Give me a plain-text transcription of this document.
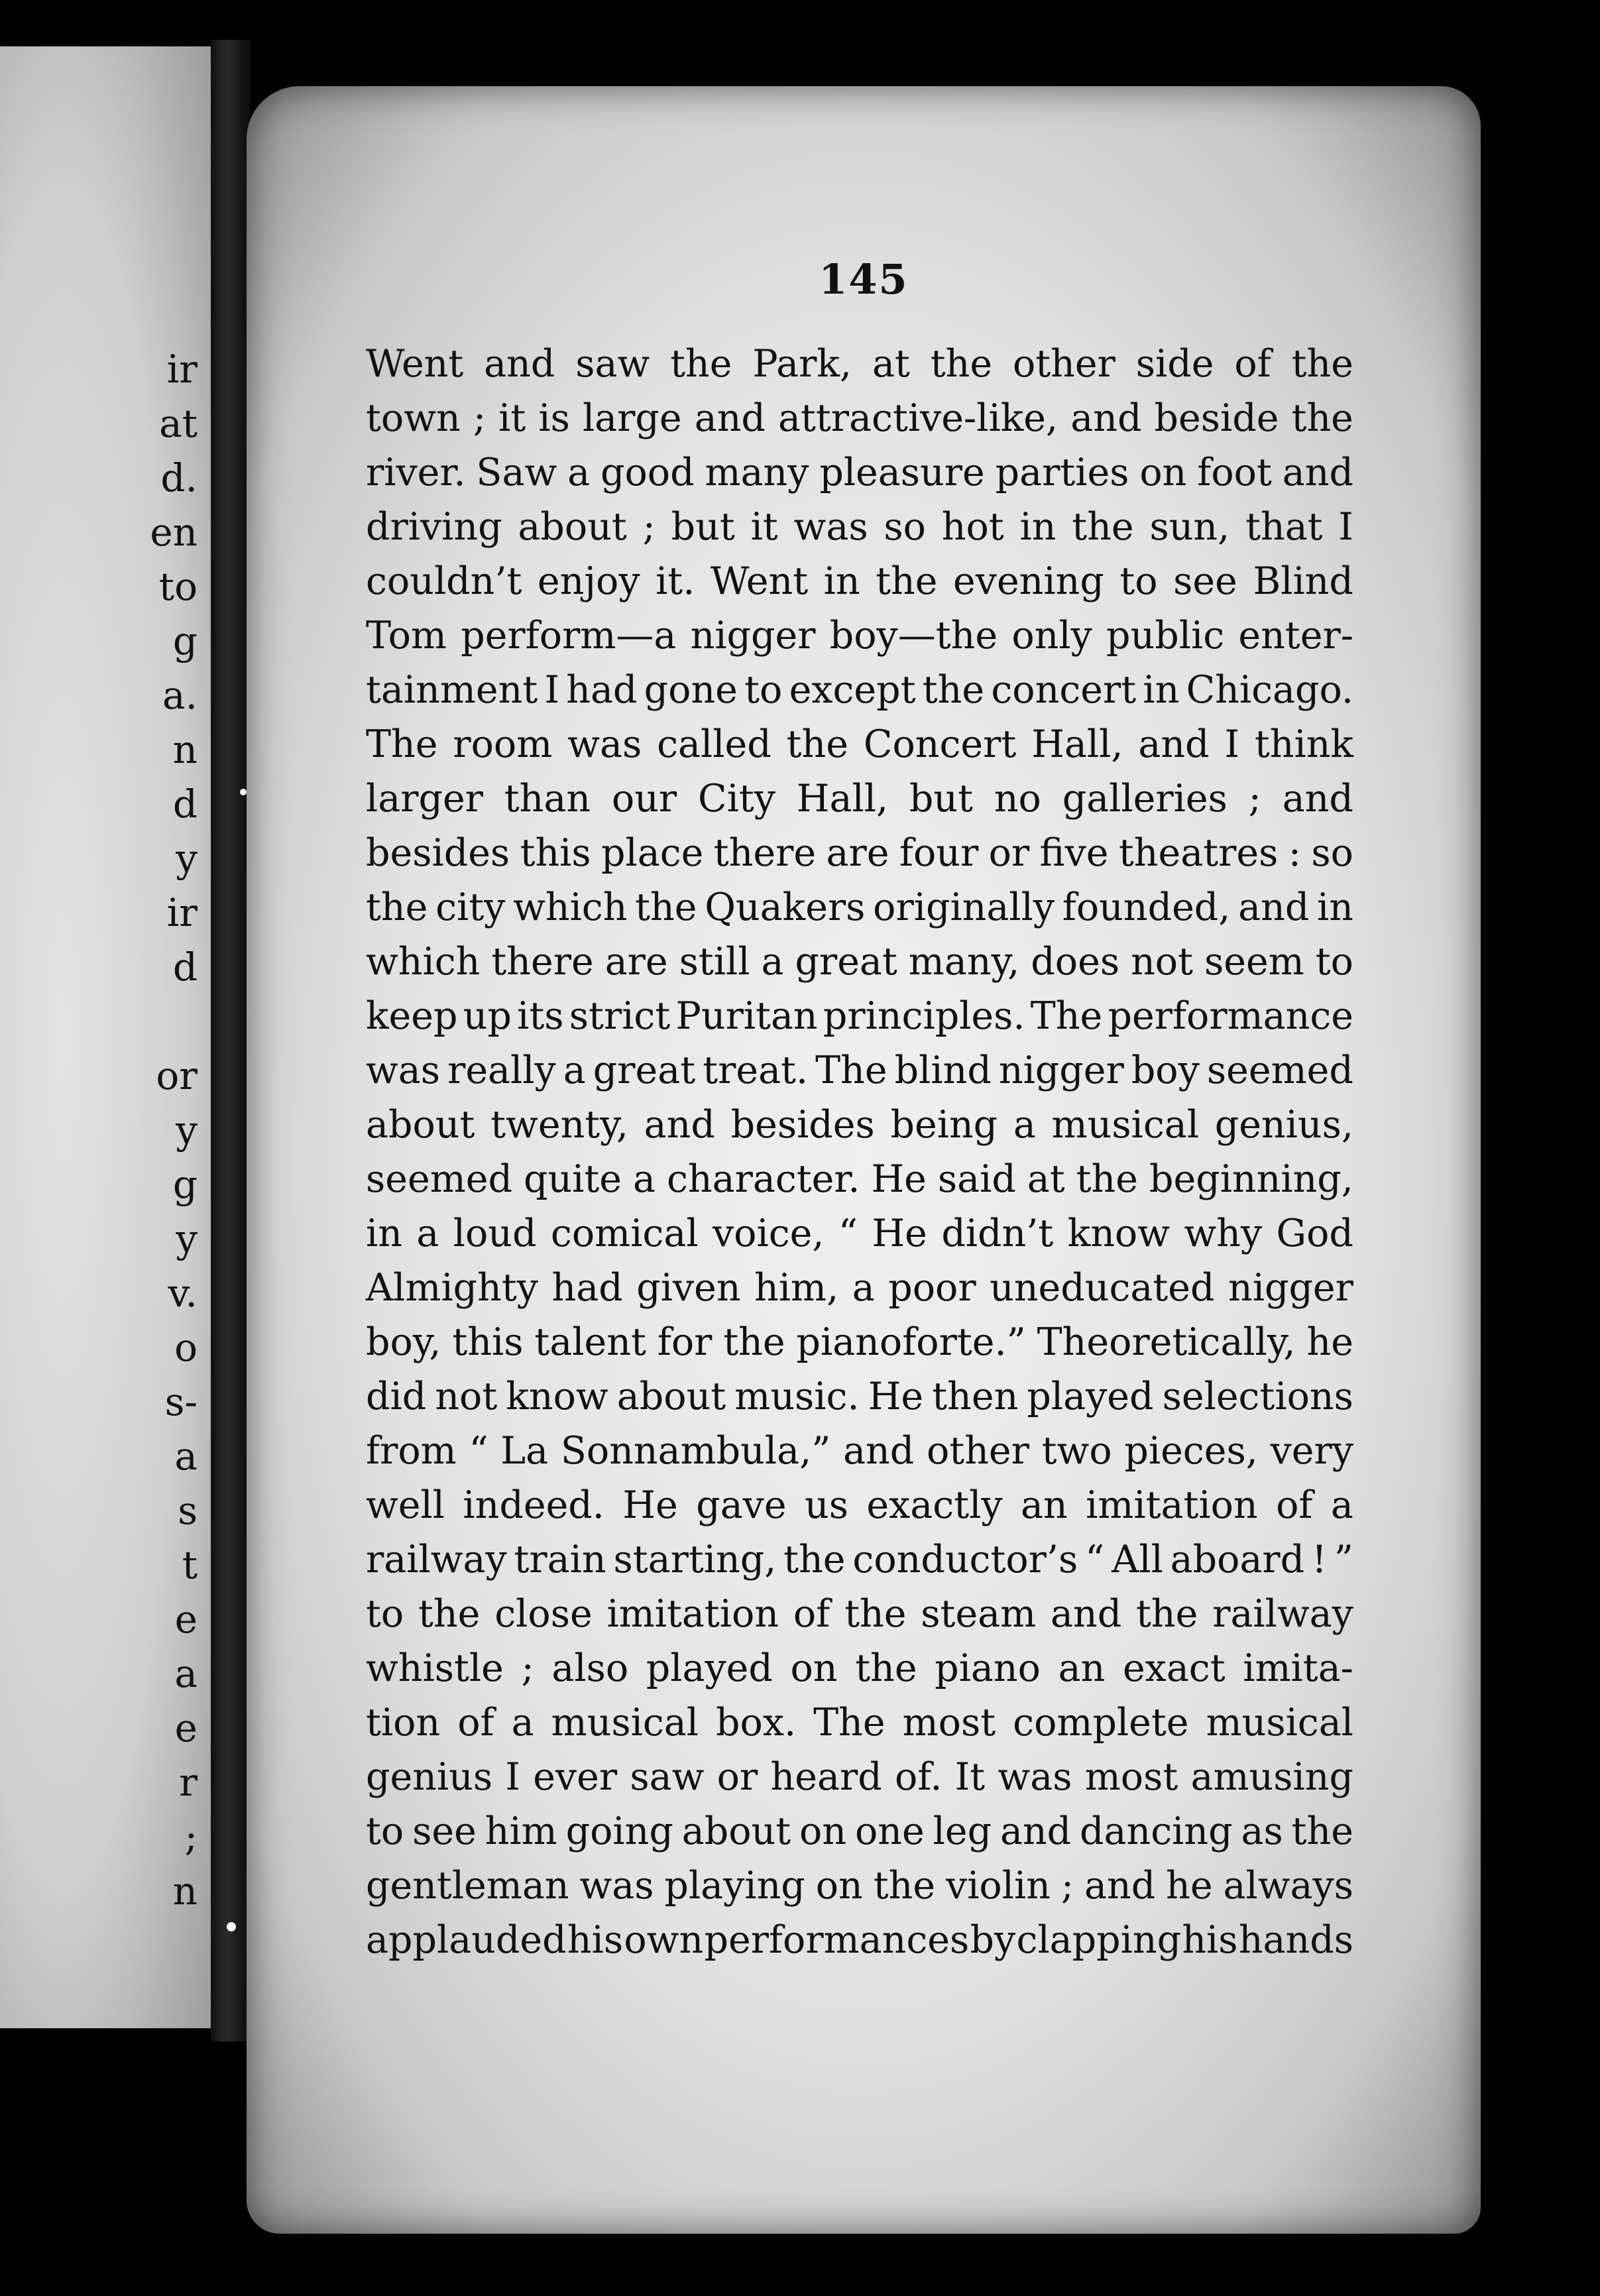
ir
at
d.
en
to
g
a.
n
d
y
ir
d
or
y
g
y
v.
o
s-
a
s
t
e
a
e
r
;
n
145
Went and saw the Park, at the other side of the
town ; it is large and attractive-like, and beside the
river. Saw a good many pleasure parties on foot and
driving about ; but it was so hot in the sun, that I
couldn’t enjoy it. Went in the evening to see Blind
Tom perform—a nigger boy—the only public enter-
tainment I had gone to except the concert in Chicago.
The room was called the Concert Hall, and I think
larger than our City Hall, but no galleries ; and
besides this place there are four or five theatres : so
the city which the Quakers originally founded, and in
which there are still a great many, does not seem to
keep up its strict Puritan principles. The performance
was really a great treat. The blind nigger boy seemed
about twenty, and besides being a musical genius,
seemed quite a character. He said at the beginning,
in a loud comical voice, “ He didn’t know why God
Almighty had given him, a poor uneducated nigger
boy, this talent for the pianoforte.” Theoretically, he
did not know about music. He then played selections
from “ La Sonnambula,” and other two pieces, very
well indeed. He gave us exactly an imitation of a
railway train starting, the conductor’s “ All aboard ! ”
to the close imitation of the steam and the railway
whistle ; also played on the piano an exact imita-
tion of a musical box. The most complete musical
genius I ever saw or heard of. It was most amusing
to see him going about on one leg and dancing as the
gentleman was playing on the violin ; and he always
applauded his own performances by clapping his hands
